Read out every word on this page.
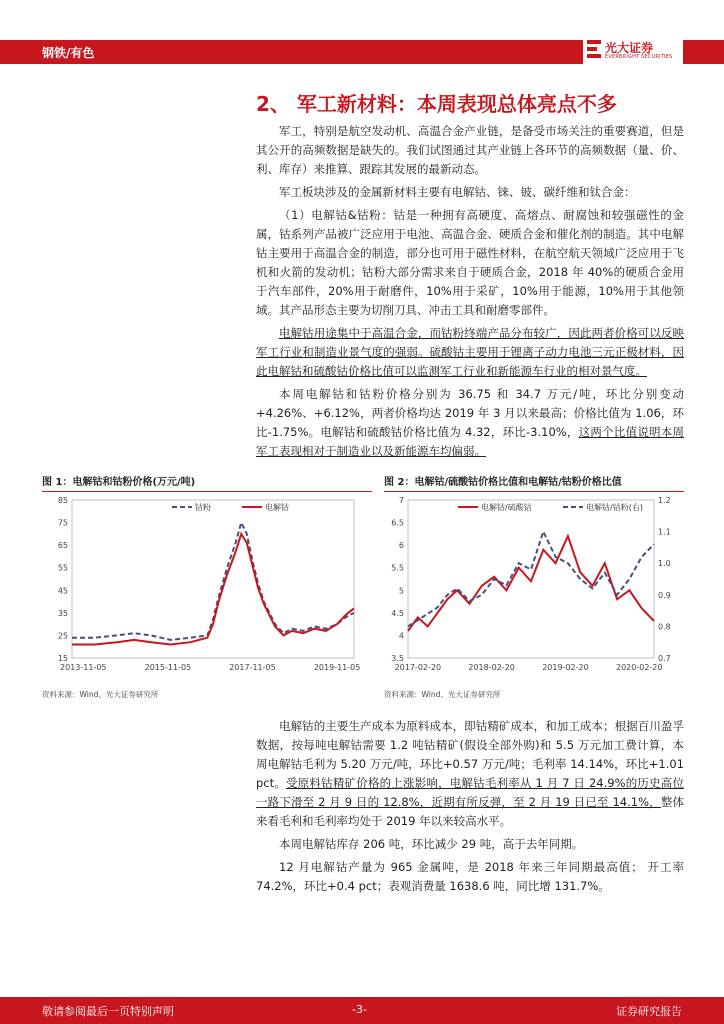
钢铁/有色	光大证券
EVERBRIGHT SECURITIES
2、 军工新材料：本周表现总体亮点不多

军工，特别是航空发动机、高温合金产业链，是备受市场关注的重要赛道，但是其公开的高频数据是缺失的。我们试图通过其产业链上各环节的高频数据（量、价、利、库存）来推算、跟踪其发展的最新动态。

军工板块涉及的金属新材料主要有电解钴、铼、铍、碳纤维和钛合金：

（1）电解钴&钴粉：钴是一种拥有高硬度、高熔点、耐腐蚀和较强磁性的金属，钴系列产品被广泛应用于电池、高温合金、硬质合金和催化剂的制造。其中电解钴主要用于高温合金的制造，部分也可用于磁性材料，在航空航天领域广泛应用于飞机和火箭的发动机；钴粉大部分需求来自于硬质合金，2018 年 40%的硬质合金用于汽车部件，20%用于耐磨件，10%用于采矿，10%用于能源，10%用于其他领域。其产品形态主要为切削刀具、冲击工具和耐磨零部件。

电解钴用途集中于高温合金，而钴粉终端产品分布较广，因此两者价格可以反映军工行业和制造业景气度的强弱。硫酸钴主要用于锂离子动力电池三元正极材料，因此电解钴和硫酸钴价格比值可以监测军工行业和新能源车行业的相对景气度。

本周电解钴和钴粉价格分别为 36.75 和 34.7 万元/吨，环比分别变动 +4.26%、+6.12%，两者价格均达 2019 年 3 月以来最高；价格比值为 1.06，环比-1.75%。电解钴和硫酸钴价格比值为 4.32，环比-3.10%，这两个比值说明本周军工表现相对于制造业以及新能源车均偏弱。

图 1：电解钴和钴粉价格(万元/吨)
85
75
65
55
45
35
25
15
2013-11-05	2015-11-05	2017-11-05	2019-11-05
钴粉	电解钴
资料来源：Wind、光大证券研究所
图 2：电解钴/硫酸钴价格比值和电解钴/钴粉价格比值
7
6.5
6
5.5
5
4.5
4
3.5
1.2
1.1
1.0
0.9
0.8
0.7
2017-02-20	2018-02-20	2019-02-20	2020-02-20
电解钴/硫酸钴	电解钴/钴粉(右)
资料来源：Wind、光大证券研究所

电解钴的主要生产成本为原料成本，即钴精矿成本，和加工成本；根据百川盈孚数据，按每吨电解钴需要 1.2 吨钴精矿(假设全部外购)和 5.5 万元加工费计算，本周电解钴毛利为 5.20 万元/吨，环比+0.57 万元/吨；毛利率 14.14%，环比+1.01 pct。受原料钴精矿价格的上涨影响，电解钴毛利率从 1 月 7 日 24.9%的历史高位一路下滑至 2 月 9 日的 12.8%，近期有所反弹，至 2 月 19 日已至 14.1%，整体来看毛利和毛利率均处于 2019 年以来较高水平。

本周电解钴库存 206 吨，环比减少 29 吨，高于去年同期。

12 月电解钴产量为 965 金属吨，是 2018 年来三年同期最高值； 开工率 74.2%，环比+0.4 pct；表观消费量 1638.6 吨，同比增 131.7%。

敬请参阅最后一页特别声明	-3-	证券研究报告
